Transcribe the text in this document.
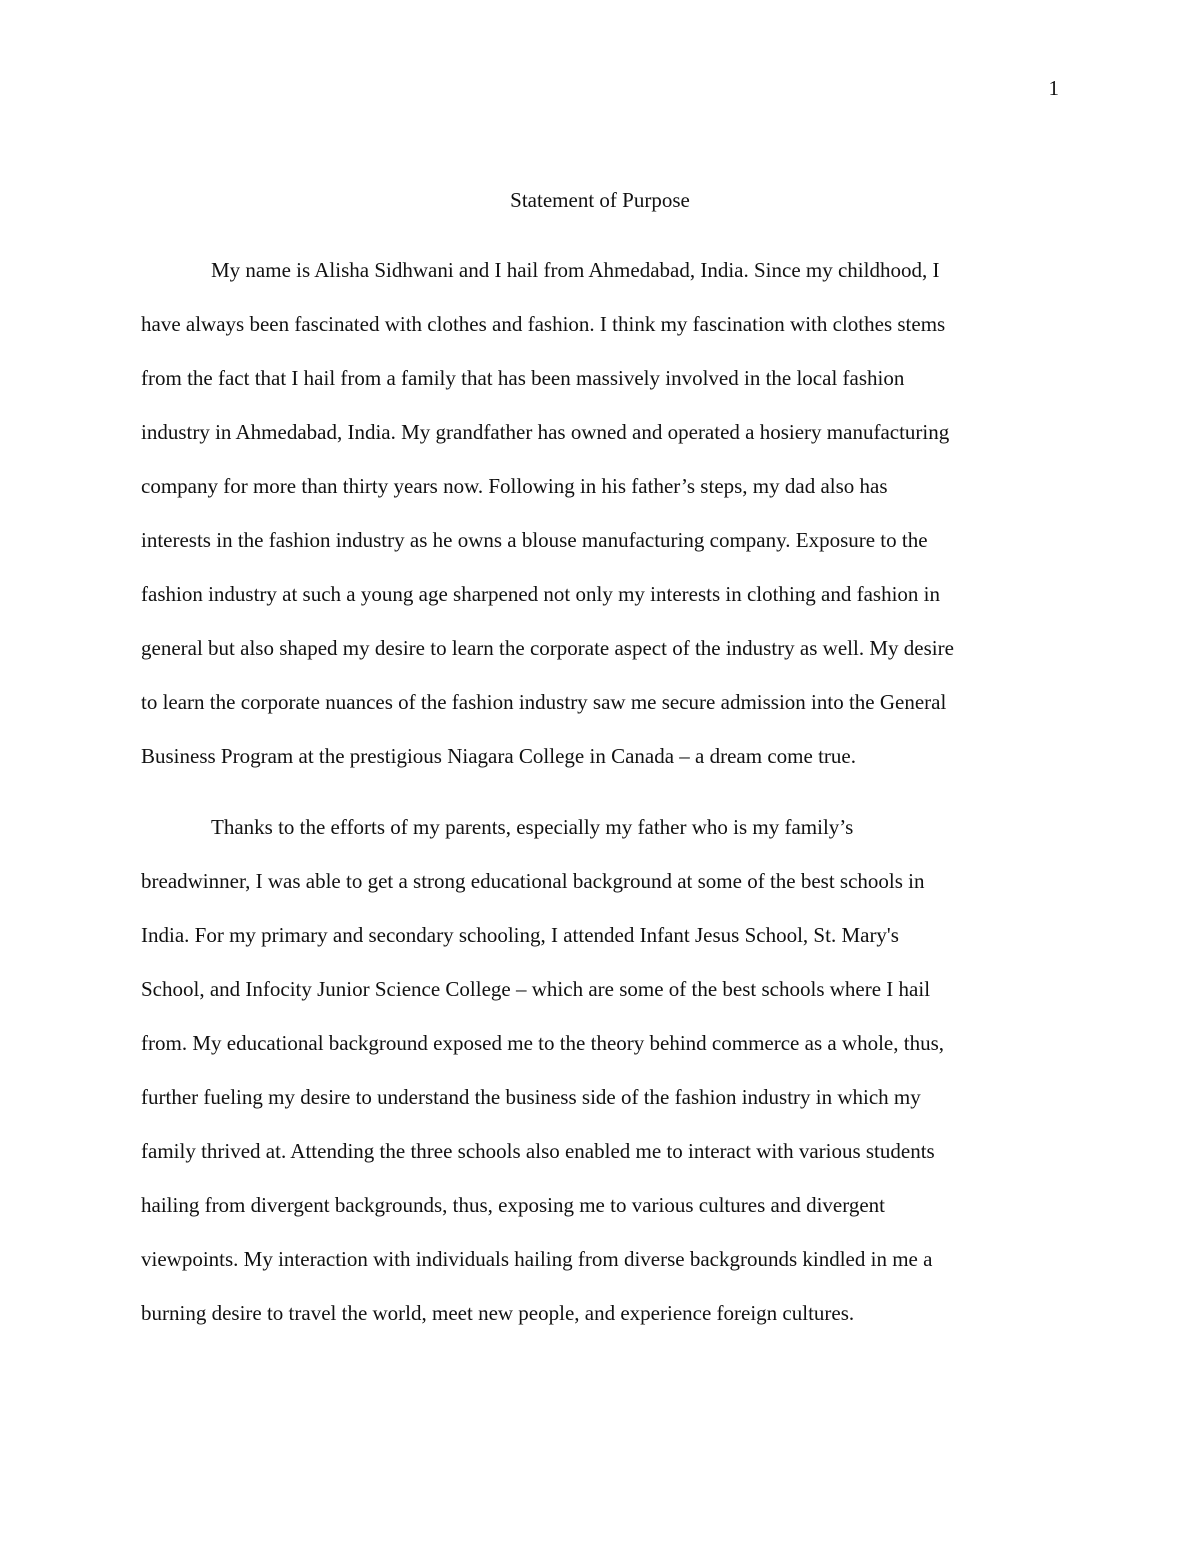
1
Statement of Purpose
My name is Alisha Sidhwani and I hail from Ahmedabad, India. Since my childhood, I
have always been fascinated with clothes and fashion. I think my fascination with clothes stems
from the fact that I hail from a family that has been massively involved in the local fashion
industry in Ahmedabad, India. My grandfather has owned and operated a hosiery manufacturing
company for more than thirty years now. Following in his father’s steps, my dad also has
interests in the fashion industry as he owns a blouse manufacturing company. Exposure to the
fashion industry at such a young age sharpened not only my interests in clothing and fashion in
general but also shaped my desire to learn the corporate aspect of the industry as well. My desire
to learn the corporate nuances of the fashion industry saw me secure admission into the General
Business Program at the prestigious Niagara College in Canada – a dream come true.
Thanks to the efforts of my parents, especially my father who is my family’s
breadwinner, I was able to get a strong educational background at some of the best schools in
India. For my primary and secondary schooling, I attended Infant Jesus School, St. Mary's
School, and Infocity Junior Science College – which are some of the best schools where I hail
from. My educational background exposed me to the theory behind commerce as a whole, thus,
further fueling my desire to understand the business side of the fashion industry in which my
family thrived at. Attending the three schools also enabled me to interact with various students
hailing from divergent backgrounds, thus, exposing me to various cultures and divergent
viewpoints. My interaction with individuals hailing from diverse backgrounds kindled in me a
burning desire to travel the world, meet new people, and experience foreign cultures.
